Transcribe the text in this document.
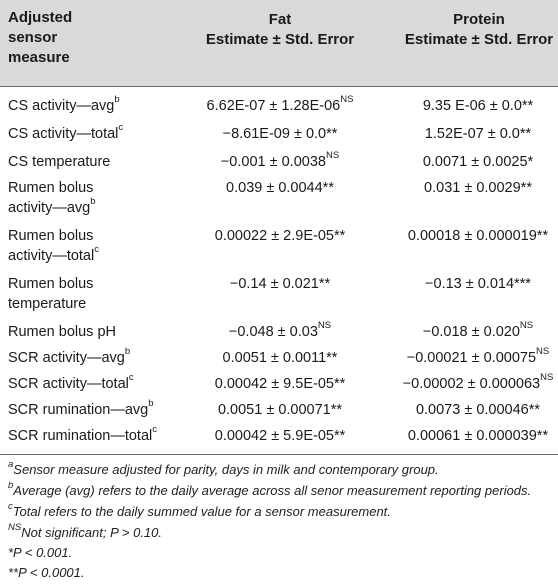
Adjusted
sensor
measure
Fat
Estimate ± Std. Error
Protein
Estimate ± Std. Error
CS activity—avg$^b$	$6.62E-07 \pm 1.28E-06^{NS}$	9.35 E-06 ± 0.0**
CS activity—total$^c$	−8.61E-09 ± 0.0**	1.52E-07 ± 0.0**
CS temperature	$-0.001 \pm 0.0038^{NS}$	0.0071 ± 0.0025*
Rumen bolus
activity—avg$^b$
0.039 ± 0.0044**	0.031 ± 0.0029**
Rumen bolus
activity—total$^c$
0.00022 ± 2.9E-05**	0.00018 ± 0.000019**
Rumen bolus
temperature
−0.14 ± 0.021**	−0.13 ± 0.014***
Rumen bolus pH	$-0.048 \pm 0.03^{NS}$	$-0.018 \pm 0.020^{NS}$
SCR activity—avg$^b$	0.0051 ± 0.0011**	$-0.00021 \pm 0.00075^{NS}$
SCR activity—total$^c$	0.00042 ± 9.5E-05**	$-0.00002 \pm 0.000063^{NS}$
SCR rumination—avg$^b$	0.0051 ± 0.00071**	0.0073 ± 0.00046**
SCR rumination—total$^c$	0.00042 ± 5.9E-05**	0.00061 ± 0.000039**
$^a$Sensor measure adjusted for parity, days in milk and contemporary group.
$^b$Average (avg) refers to the daily average across all senor measurement reporting periods.
$^c$Total refers to the daily summed value for a sensor measurement.
$^{NS}$Not significant; P > 0.10.
*P < 0.001.
**P < 0.0001.
